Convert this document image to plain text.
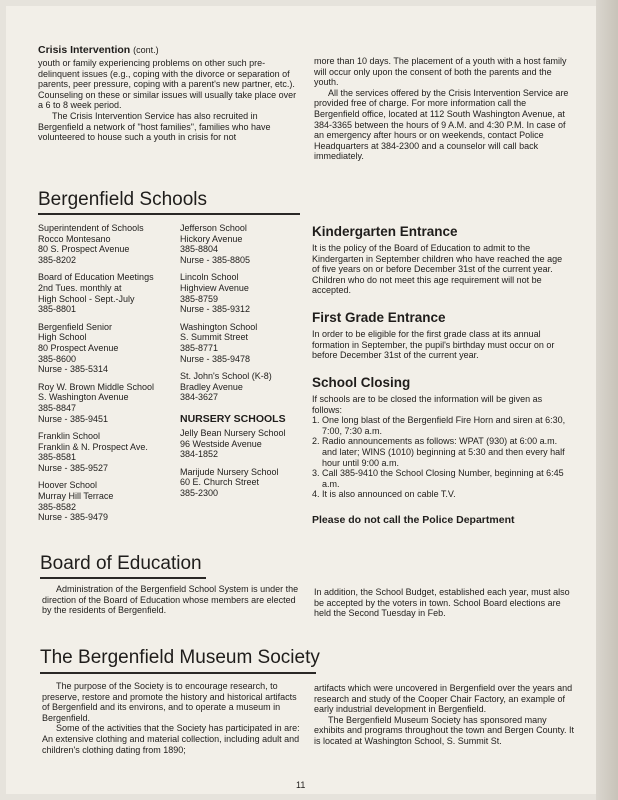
Crisis Intervention (cont.)
youth or family experiencing problems on other such pre-delinquent issues (e.g., coping with the divorce or separation of parents, peer pressure, coping with a parent's new partner, etc.). Counseling on these or similar issues will usually take place over a 6 to 8 week period.
The Crisis Intervention Service has also recruited in Bergenfield a network of "host families", families who have volunteered to house such a youth in crisis for not
more than 10 days. The placement of a youth with a host family will occur only upon the consent of both the parents and the youth.
All the services offered by the Crisis Intervention Service are provided free of charge. For more information call the Bergenfield office, located at 112 South Washington Avenue, at 384-3365 between the hours of 9 A.M. and 4:30 P.M. In case of an emergency after hours or on weekends, contact Police Headquarters at 384-2300 and a counselor will call back immediately.
Bergenfield Schools
Superintendent of Schools
Rocco Montesano
80 S. Prospect Avenue
385-8202
Board of Education Meetings
2nd Tues. monthly at
High School - Sept.-July
385-8801
Bergenfield Senior
High School
80 Prospect Avenue
385-8600
Nurse - 385-5314
Roy W. Brown Middle School
S. Washington Avenue
385-8847
Nurse - 385-9451
Franklin School
Franklin & N. Prospect Ave.
385-8581
Nurse - 385-9527
Hoover School
Murray Hill Terrace
385-8582
Nurse - 385-9479
Jefferson School
Hickory Avenue
385-8804
Nurse - 385-8805
Lincoln School
Highview Avenue
385-8759
Nurse - 385-9312
Washington School
S. Summit Street
385-8771
Nurse - 385-9478
St. John's School (K-8)
Bradley Avenue
384-3627
NURSERY SCHOOLS
Jelly Bean Nursery School
96 Westside Avenue
384-1852
Marijude Nursery School
60 E. Church Street
385-2300
Kindergarten Entrance
It is the policy of the Board of Education to admit to the Kindergarten in September children who have reached the age of five years on or before December 31st of the current year. Children who do not meet this age requirement will not be accepted.
First Grade Entrance
In order to be eligible for the first grade class at its annual formation in September, the pupil's birthday must occur on or before December 31st of the current year.
School Closing
If schools are to be closed the information will be given as follows:
1. One long blast of the Bergenfield Fire Horn and siren at 6:30, 7:00, 7:30 a.m.
2. Radio announcements as follows: WPAT (930) at 6:00 a.m. and later; WINS (1010) beginning at 5:30 and then every half hour until 9:00 a.m.
3. Call 385-9410 the School Closing Number, beginning at 6:45 a.m.
4. It is also announced on cable T.V.
Please do not call the Police Department
Board of Education
Administration of the Bergenfield School System is under the direction of the Board of Education whose members are elected by the residents of Bergenfield.
In addition, the School Budget, established each year, must also be accepted by the voters in town. School Board elections are held the Second Tuesday in Feb.
The Bergenfield Museum Society
The purpose of the Society is to encourage research, to preserve, restore and promote the history and historical artifacts of Bergenfield and its environs, and to operate a museum in Bergenfield.
Some of the activities that the Society has participated in are: An extensive clothing and material collection, including adult and children's clothing dating from 1890;
artifacts which were uncovered in Bergenfield over the years and research and study of the Cooper Chair Factory, an example of early industrial development in Bergenfield.
The Bergenfield Museum Society has sponsored many exhibits and programs throughout the town and Bergen County. It is located at Washington School, S. Summit St.
11
